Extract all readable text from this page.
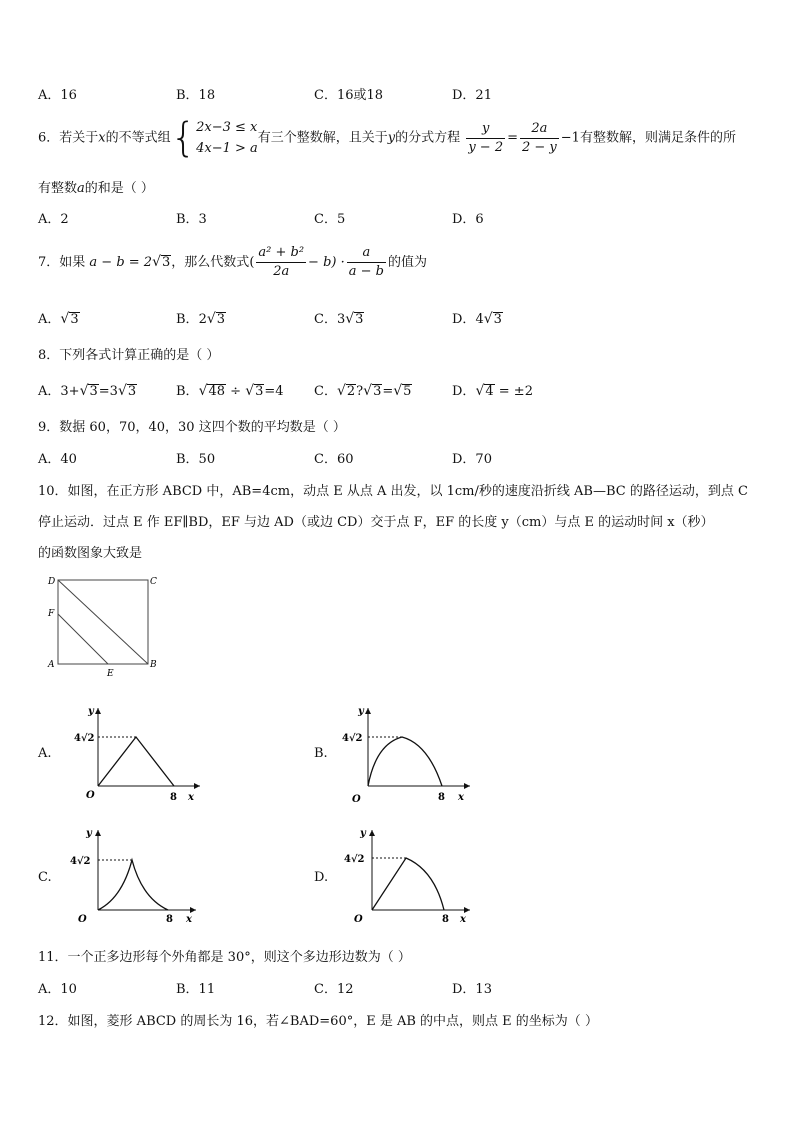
A．16	B．18	C．16或18	D．21
6．若关于x的不等式组{ 2x−3 ≤ x
4x−1 > a
有三个整数解，且关于y的分式方程 $\frac{y}{y - 2} = \frac{2a}{2 - y} -1$有整数解，则满足条件的所
有整数a的和是（ ）
A．2	B．3	C．5	D．6
7．如果 a − b = 2√3，那么代数式( $\frac{\text{a² + b²}}{2a} - b) \cdot \frac{a}{a - b}$ 的值为
A．√3	B．2√3	C．3√3	D．4√3
8．下列各式计算正确的是（ ）
A．3+√3=3√3	B．√48 ÷ √3=4 C．√2?√3=√5	D．√4 = ±2
9．数据 60，70，40，30 这四个数的平均数是（ ）
A．40	B．50	C．60	D．70
10．如图，在正方形 ABCD 中，AB=4cm，动点 E 从点 A 出发，以 1cm/秒的速度沿折线 AB—BC 的路径运动，到点 C
停止运动．过点 E 作 EF∥BD，EF 与边 AD（或边 CD）交于点 F，EF 的长度 y（cm）与点 E 的运动时间 x（秒）
的函数图象大致是
D	C
F
A	B
E
A.	B.
C.	D.
y
x
O	8
4√2
y
x
O	8
4√2
y
x
O	8
4√2
y
x
O	8
4√2
11．一个正多边形每个外角都是 30°，则这个多边形边数为（ ）
A．10	B．11	C．12	D．13
12．如图，菱形 ABCD 的周长为 16，若∠BAD=60°，E 是 AB 的中点，则点 E 的坐标为（ ）
